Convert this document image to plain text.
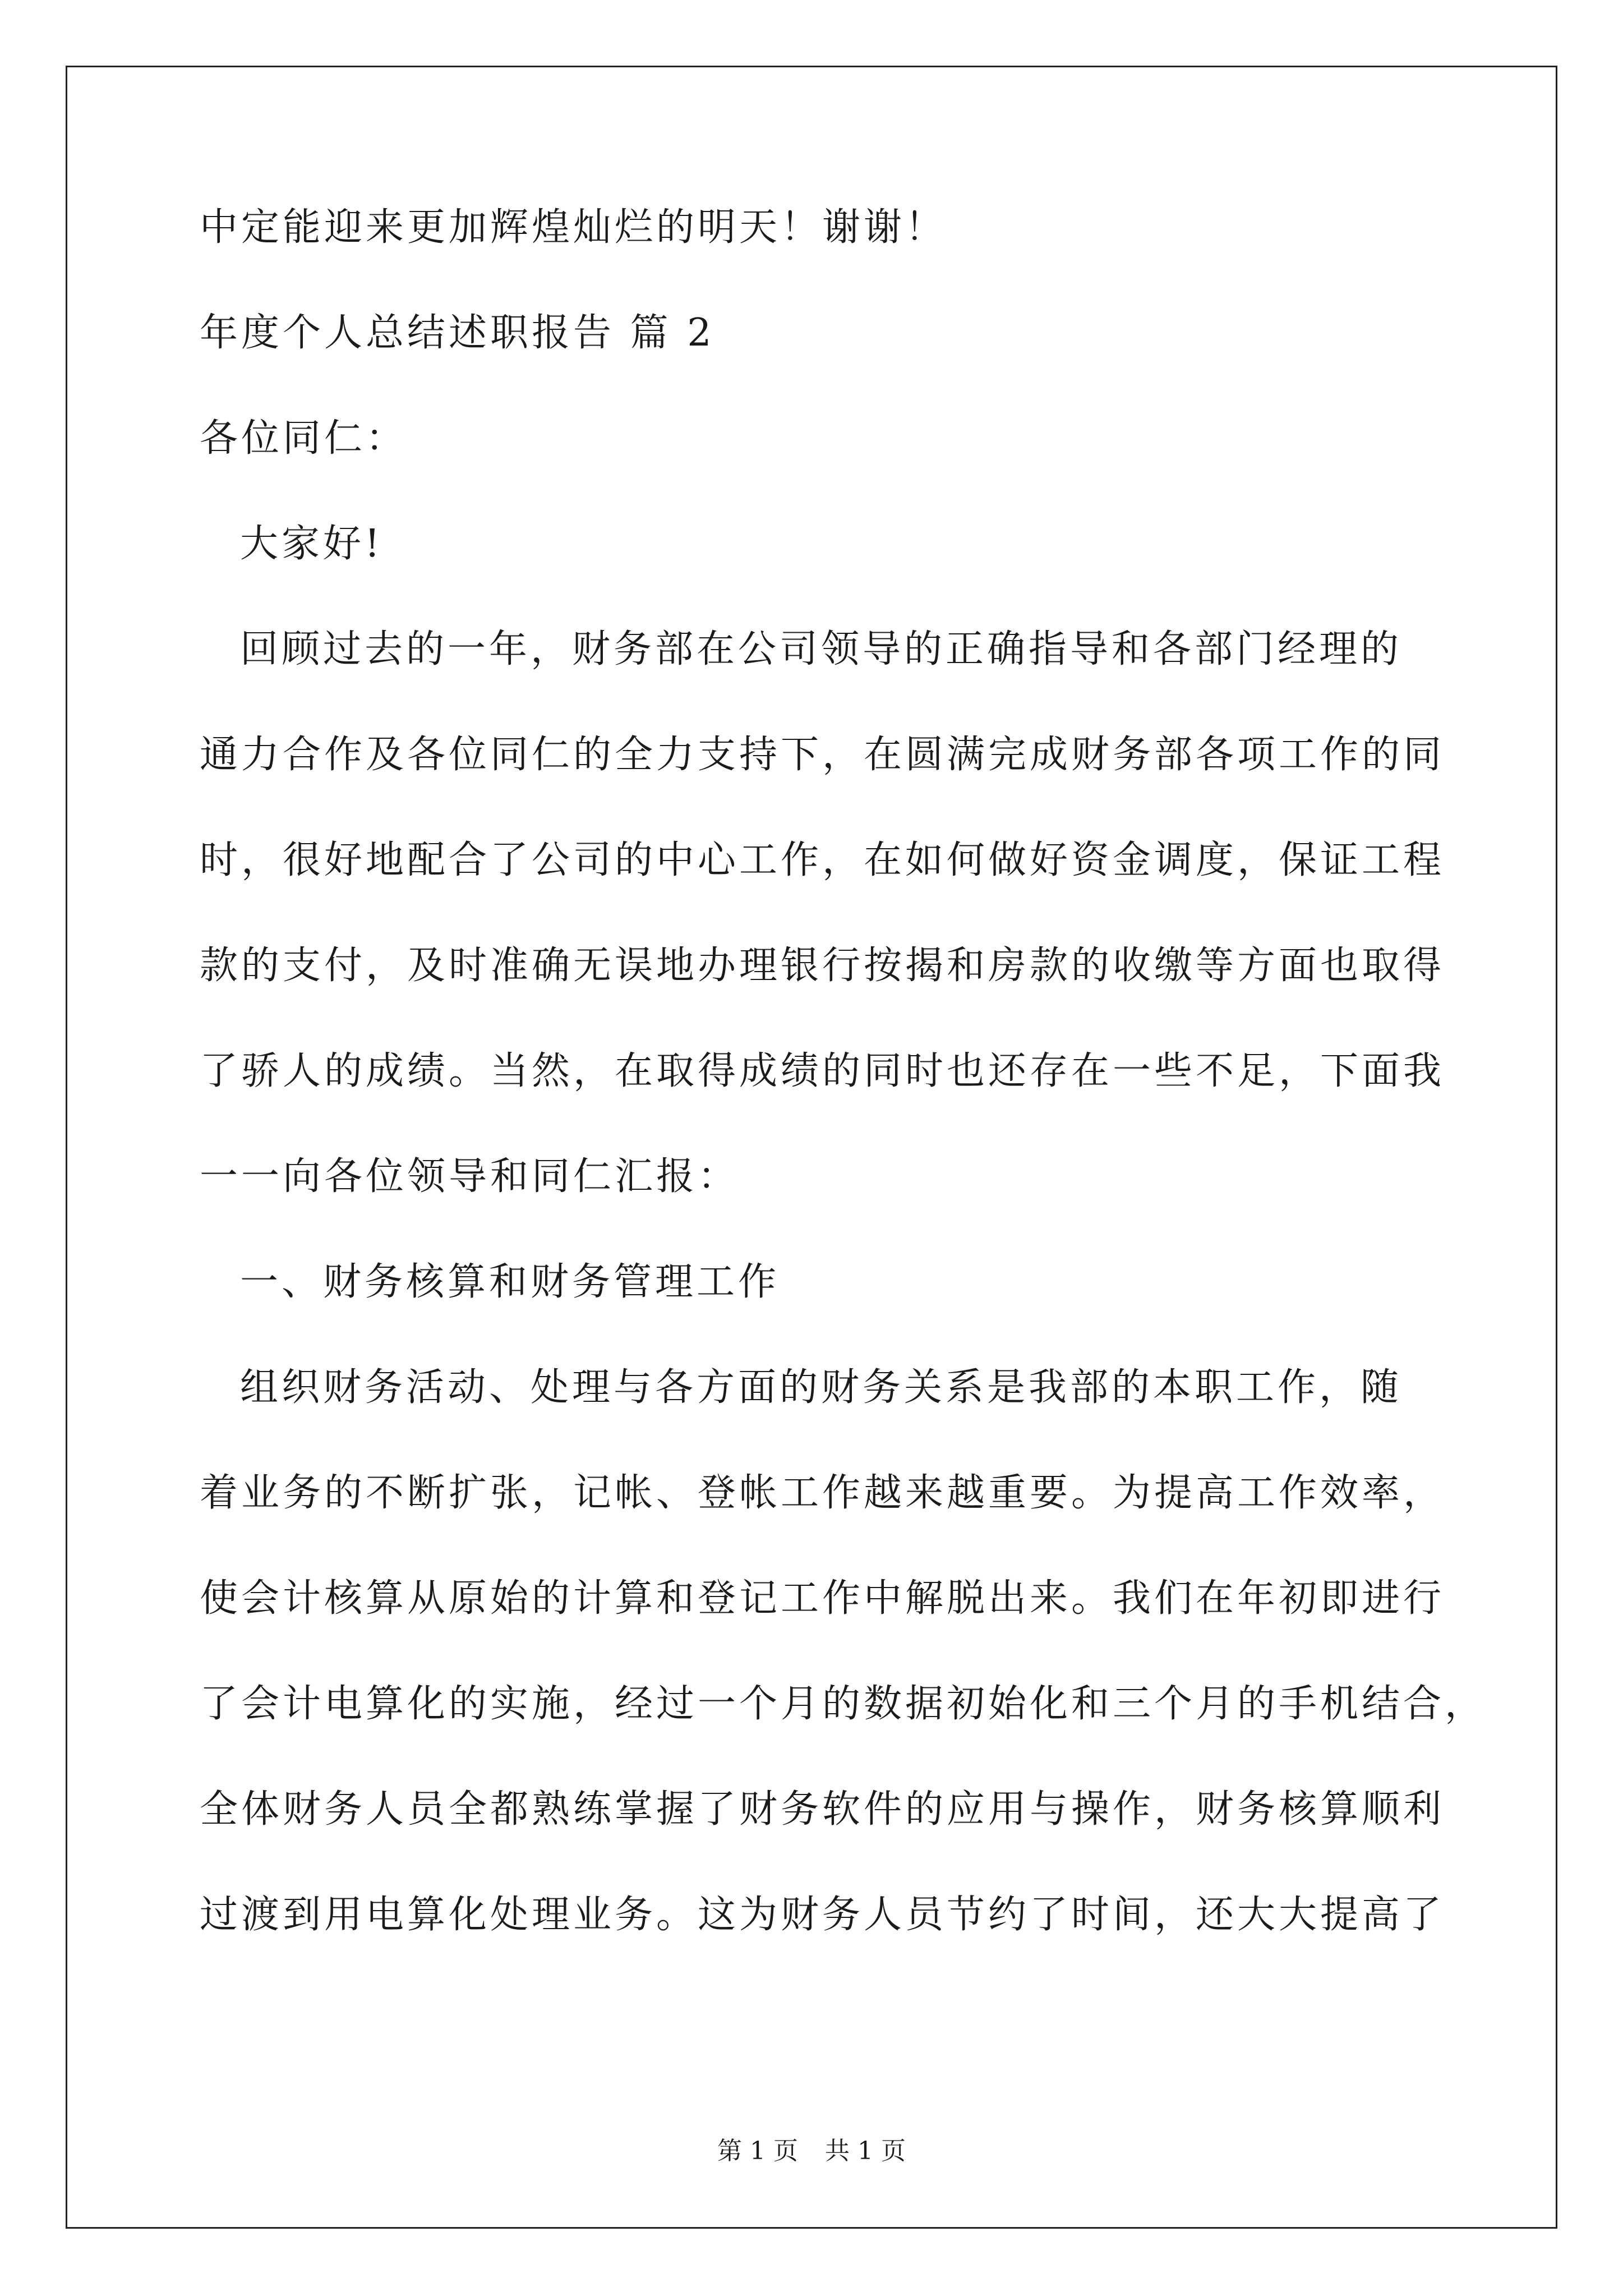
中定能迎来更加辉煌灿烂的明天！谢谢！
年度个人总结述职报告 篇 2
各位同仁：
大家好!
回顾过去的一年，财务部在公司领导的正确指导和各部门经理的
通力合作及各位同仁的全力支持下，在圆满完成财务部各项工作的同
时，很好地配合了公司的中心工作，在如何做好资金调度，保证工程
款的支付，及时准确无误地办理银行按揭和房款的收缴等方面也取得
了骄人的成绩。当然，在取得成绩的同时也还存在一些不足，下面我
一一向各位领导和同仁汇报：
一、财务核算和财务管理工作
组织财务活动、处理与各方面的财务关系是我部的本职工作，随
着业务的不断扩张，记帐、登帐工作越来越重要。为提高工作效率，
使会计核算从原始的计算和登记工作中解脱出来。我们在年初即进行
了会计电算化的实施，经过一个月的数据初始化和三个月的手机结合，
全体财务人员全都熟练掌握了财务软件的应用与操作，财务核算顺利
过渡到用电算化处理业务。这为财务人员节约了时间，还大大提高了
第 1 页 共 1 页
